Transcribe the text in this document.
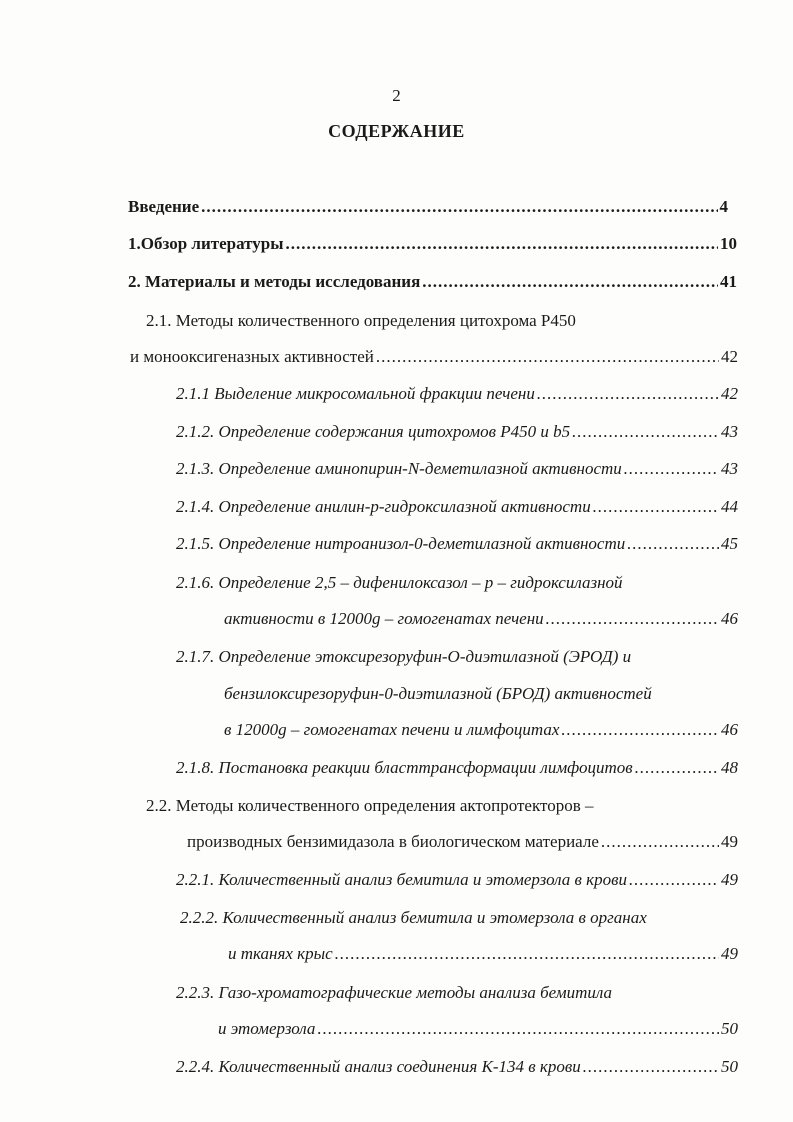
2
СОДЕРЖАНИЕ
Введение .....	4
1.Обзор литературы .....	10
2. Материалы и методы исследования .....	41
2.1. Методы количественного определения цитохрома Р450
и монооксигеназных активностей .....	42
2.1.1 Выделение микросомальной фракции печени .....	42
2.1.2. Определение содержания цитохромов Р450 и b5 .....	43
2.1.3. Определение аминопирин-N-деметилазной активности .....	43
2.1.4. Определение анилин-р-гидроксилазной активности .....	44
2.1.5. Определение нитроанизол-0-деметилазной активности .....	45
2.1.6. Определение 2,5 – дифенилоксазол – р – гидроксилазной
активности в 12000g – гомогенатах печени .....	46
2.1.7. Определение этоксирезоруфин-О-диэтилазной (ЭРОД) и
бензилоксирезоруфин-0-диэтилазной (БРОД) активностей
в 12000g – гомогенатах печени и лимфоцитах .....	46
2.1.8. Постановка реакции бласттрансформации лимфоцитов .....	48
2.2. Методы количественного определения актопротекторов –
производных бензимидазола в биологическом материале .....	49
2.2.1. Количественный анализ бемитила и этомерзола в крови .....	49
2.2.2. Количественный анализ бемитила и этомерзола в органах
и тканях крыс .....	49
2.2.3. Газо-хроматографические методы анализа бемитила
и этомерзола .....	50
2.2.4. Количественный анализ соединения К-134 в крови .....	50
